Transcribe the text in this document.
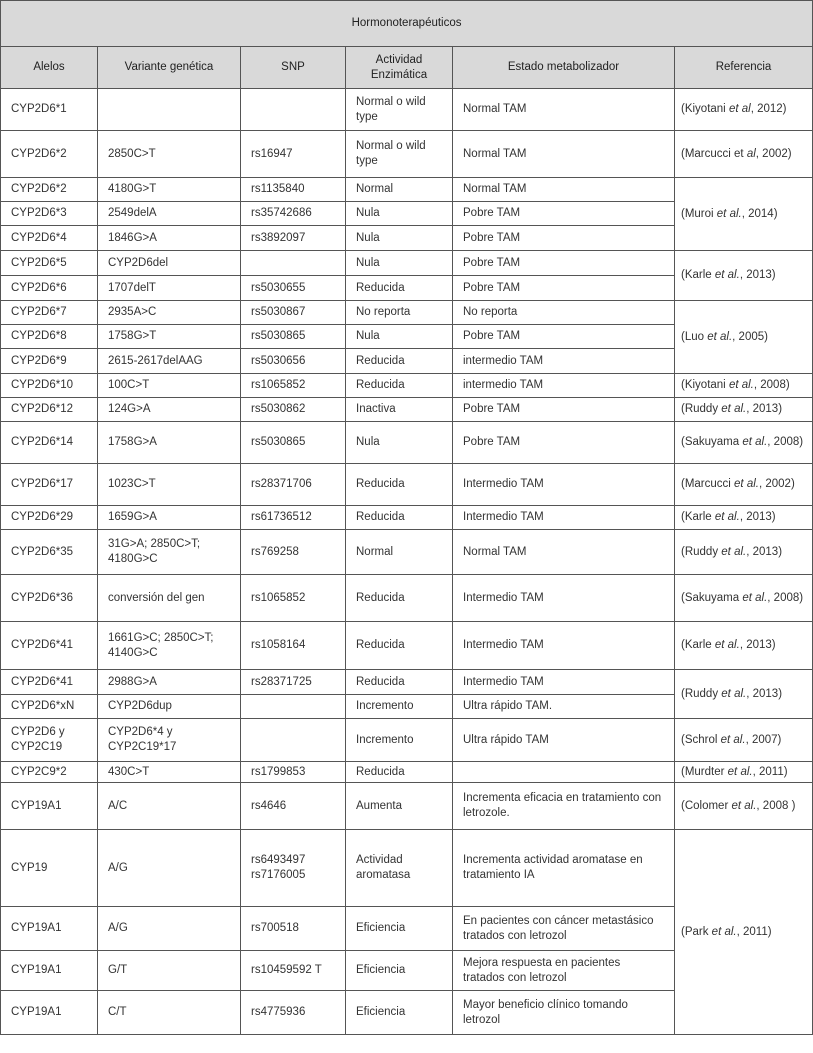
Hormonoterapéuticos					
Alelos	Variante genética	SNP	Actividad Enzimática	Estado metabolizador	Referencia
CYP2D6*1			Normal o wild type	Normal TAM	(Kiyotani et al, 2012)
CYP2D6*2	2850C>T	rs16947	Normal o wild type	Normal TAM	(Marcucci et al, 2002)
CYP2D6*2	4180G>T	rs1135840	Normal	Normal TAM	(Muroi et al., 2014)
CYP2D6*3	2549delA	rs35742686	Nula	Pobre TAM	
CYP2D6*4	1846G>A	rs3892097	Nula	Pobre TAM	
CYP2D6*5	CYP2D6del		Nula	Pobre TAM	(Karle et al., 2013)
CYP2D6*6	1707delT	rs5030655	Reducida	Pobre TAM	
CYP2D6*7	2935A>C	rs5030867	No reporta	No reporta	(Luo et al., 2005)
CYP2D6*8	1758G>T	rs5030865	Nula	Pobre TAM	
CYP2D6*9	2615-2617delAAG	rs5030656	Reducida	intermedio TAM	
CYP2D6*10	100C>T	rs1065852	Reducida	intermedio TAM	(Kiyotani et al., 2008)
CYP2D6*12	124G>A	rs5030862	Inactiva	Pobre TAM	(Ruddy et al., 2013)
CYP2D6*14	1758G>A	rs5030865	Nula	Pobre TAM	(Sakuyama et al., 2008)
CYP2D6*17	1023C>T	rs28371706	Reducida	Intermedio TAM	(Marcucci et al., 2002)
CYP2D6*29	1659G>A	rs61736512	Reducida	Intermedio TAM	(Karle et al., 2013)
CYP2D6*35	31G>A; 2850C>T; 4180G>C	rs769258	Normal	Normal TAM	(Ruddy et al., 2013)
CYP2D6*36	conversión del gen	rs1065852	Reducida	Intermedio TAM	(Sakuyama et al., 2008)
CYP2D6*41	1661G>C; 2850C>T; 4140G>C	rs1058164	Reducida	Intermedio TAM	(Karle et al., 2013)
CYP2D6*41	2988G>A	rs28371725	Reducida	Intermedio TAM	(Ruddy et al., 2013)
CYP2D6*xN	CYP2D6dup		Incremento	Ultra rápido TAM.	
CYP2D6 y CYP2C19	CYP2D6*4 y CYP2C19*17		Incremento	Ultra rápido TAM	(Schrol et al., 2007)
CYP2C9*2	430C>T	rs1799853	Reducida		(Murdter et al., 2011)
CYP19A1	A/C	rs4646	Aumenta	Incrementa eficacia en tratamiento con letrozole.	(Colomer et al., 2008 )
CYP19	A/G	rs6493497 rs7176005	Actividad aromatasa	Incrementa actividad aromatase en tratamiento IA	(Park et al., 2011)
CYP19A1	A/G	rs700518	Eficiencia	En pacientes con cáncer metastásico tratados con letrozol	
CYP19A1	G/T	rs10459592 T	Eficiencia	Mejora respuesta en pacientes tratados con letrozol	
CYP19A1	C/T	rs4775936	Eficiencia	Mayor beneficio clínico tomando letrozol	
